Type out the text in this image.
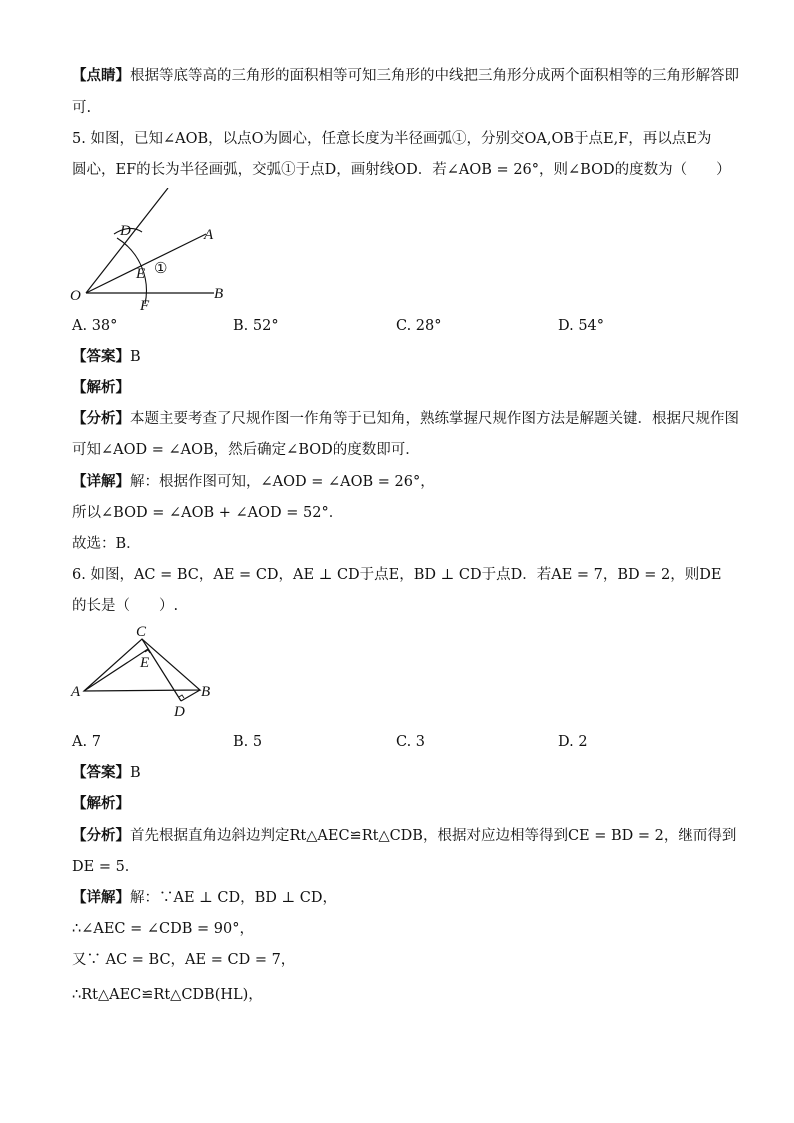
【点睛】根据等底等高的三角形的面积相等可知三角形的中线把三角形分成两个面积相等的三角形解答即
可.
5. 如图，已知∠AOB，以点O为圆心，任意长度为半径画弧①，分别交OA,OB于点E,F，再以点E为
圆心，EF的长为半径画弧，交弧①于点D，画射线OD．若∠AOB = 26°，则∠BOD的度数为（　　）
D	A
E ①
O
F
B
A. 38°	B. 52°	C. 28°	D. 54°
【答案】B
【解析】
【分析】本题主要考查了尺规作图一作角等于已知角，熟练掌握尺规作图方法是解题关键．根据尺规作图
可知∠AOD = ∠AOB，然后确定∠BOD的度数即可．
【详解】解：根据作图可知，∠AOD = ∠AOB = 26°，
所以∠BOD = ∠AOB + ∠AOD = 52°．
故选：B．
6. 如图，AC = BC，AE = CD，AE ⊥ CD于点E，BD ⊥ CD于点D．若AE = 7，BD = 2，则DE
的长是（　　）.
C
E
A	B
D
A. 7	B. 5	C. 3	D. 2
【答案】B
【解析】
【分析】首先根据直角边斜边判定Rt△AEC≌Rt△CDB，根据对应边相等得到CE = BD = 2，继而得到
DE = 5．
【详解】解：∵AE ⊥ CD，BD ⊥ CD，
∴∠AEC = ∠CDB = 90°，
又∵ AC = BC，AE = CD = 7，
∴Rt△AEC≌Rt△CDB(HL)，
